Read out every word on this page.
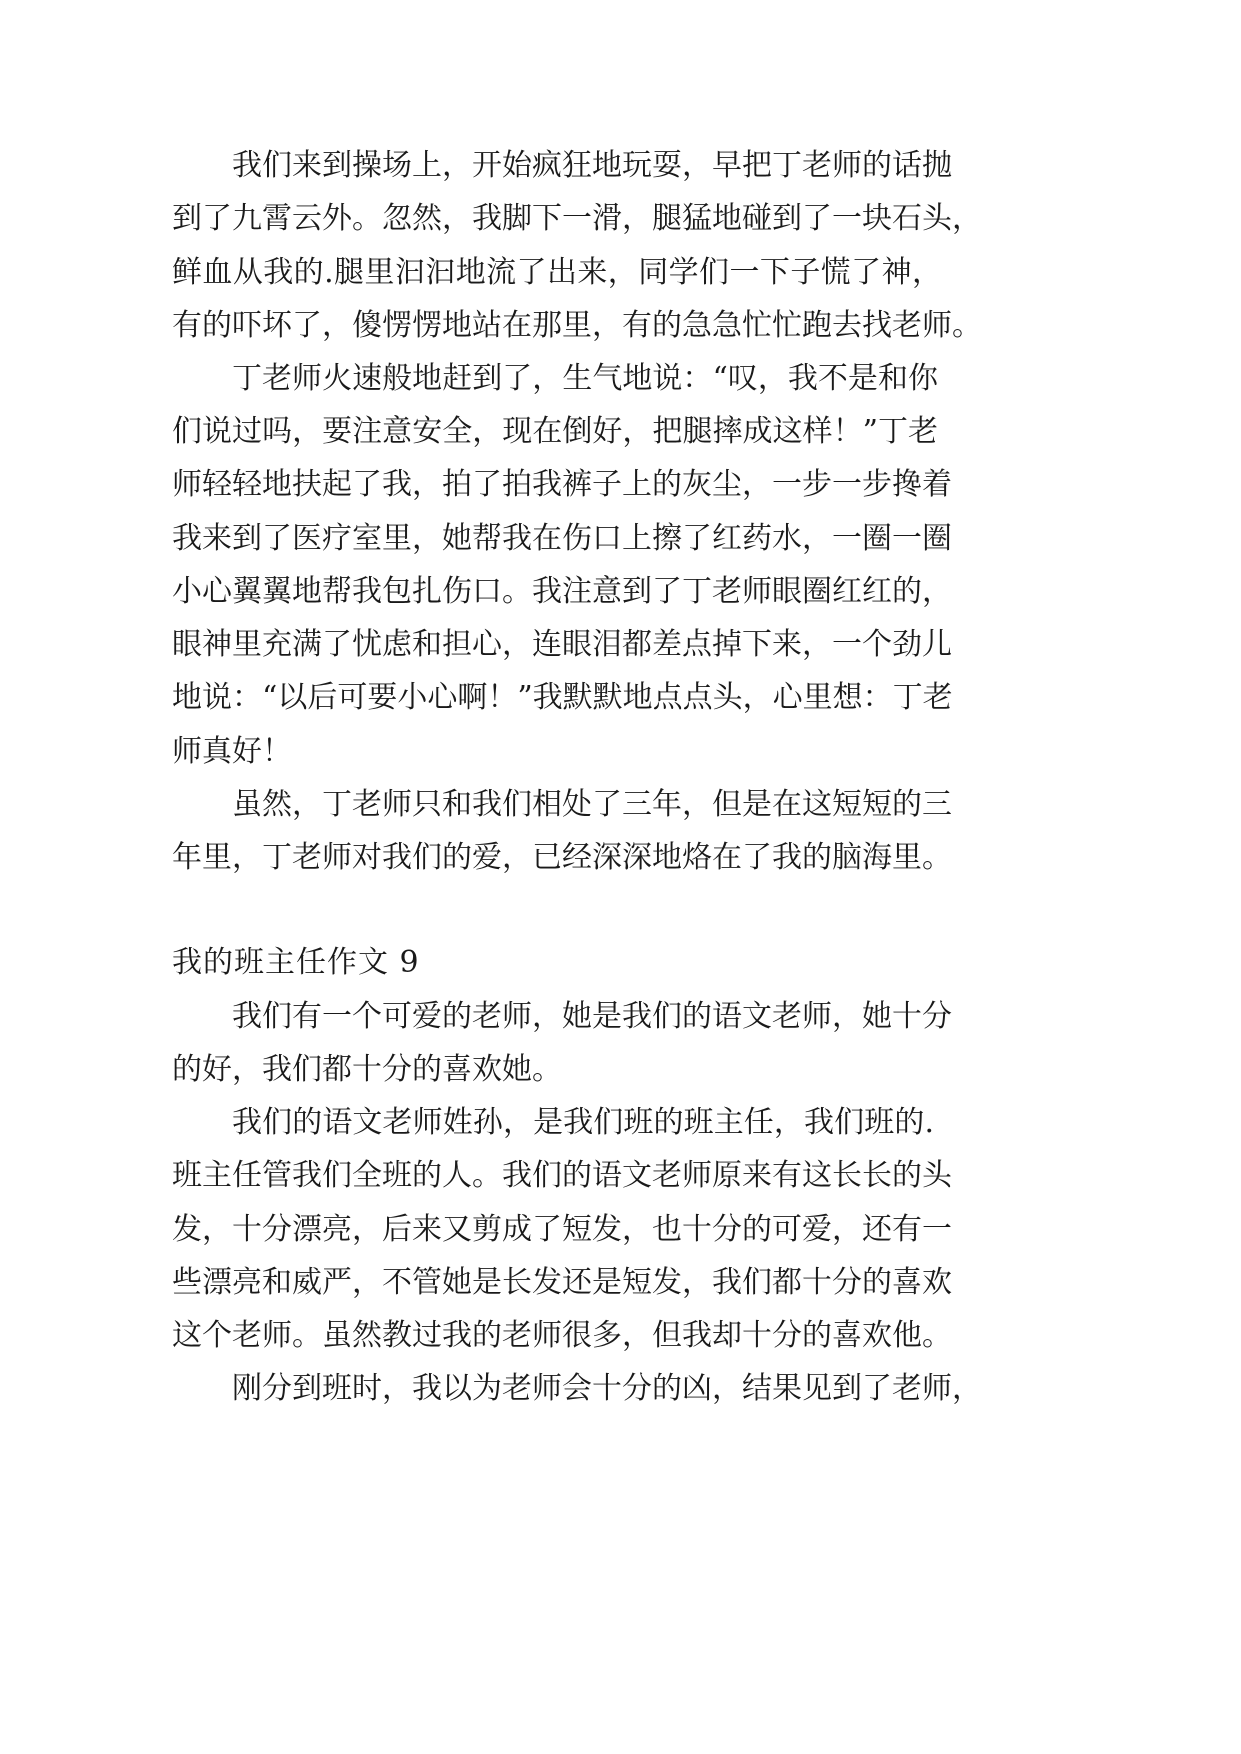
我们来到操场上，开始疯狂地玩耍，早把丁老师的话抛
到了九霄云外。忽然，我脚下一滑，腿猛地碰到了一块石头，
鲜血从我的.腿里汩汩地流了出来，同学们一下子慌了神，
有的吓坏了，傻愣愣地站在那里，有的急急忙忙跑去找老师。
丁老师火速般地赶到了，生气地说：“叹，我不是和你
们说过吗，要注意安全，现在倒好，把腿摔成这样！”丁老
师轻轻地扶起了我，拍了拍我裤子上的灰尘，一步一步搀着
我来到了医疗室里，她帮我在伤口上擦了红药水，一圈一圈
小心翼翼地帮我包扎伤口。我注意到了丁老师眼圈红红的，
眼神里充满了忧虑和担心，连眼泪都差点掉下来，一个劲儿
地说：“以后可要小心啊！”我默默地点点头，心里想：丁老
师真好！
虽然，丁老师只和我们相处了三年，但是在这短短的三
年里，丁老师对我们的爱，已经深深地烙在了我的脑海里。
我的班主任作文 9
我们有一个可爱的老师，她是我们的语文老师，她十分
的好，我们都十分的喜欢她。
我们的语文老师姓孙，是我们班的班主任，我们班的.
班主任管我们全班的人。我们的语文老师原来有这长长的头
发，十分漂亮，后来又剪成了短发，也十分的可爱，还有一
些漂亮和威严，不管她是长发还是短发，我们都十分的喜欢
这个老师。虽然教过我的老师很多，但我却十分的喜欢他。
刚分到班时，我以为老师会十分的凶，结果见到了老师，
